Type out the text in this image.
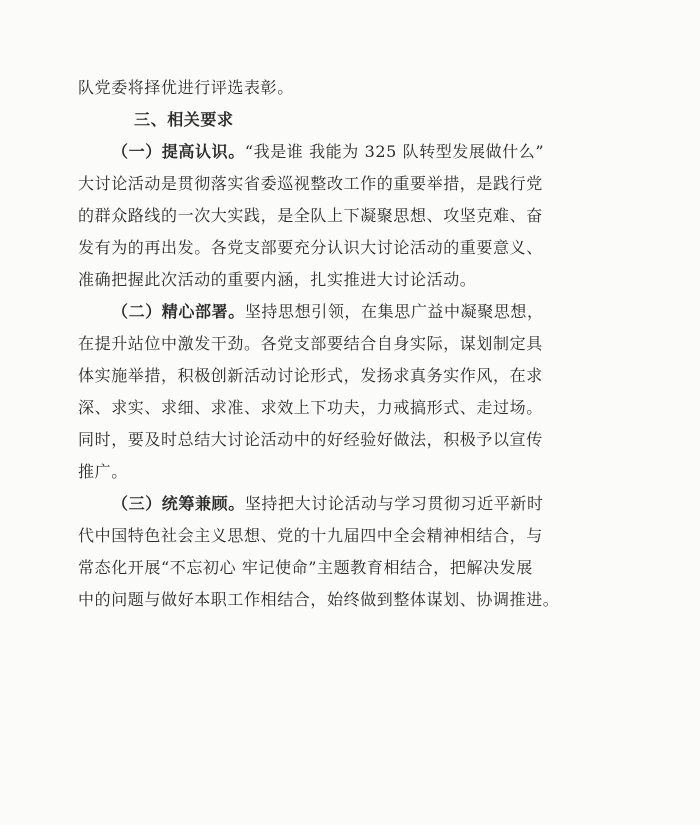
队党委将择优进行评选表彰。
三、相关要求
（一）提高认识。“我是谁 我能为 325 队转型发展做什么”
大讨论活动是贯彻落实省委巡视整改工作的重要举措，是践行党
的群众路线的一次大实践，是全队上下凝聚思想、攻坚克难、奋
发有为的再出发。各党支部要充分认识大讨论活动的重要意义、
准确把握此次活动的重要内涵，扎实推进大讨论活动。
（二）精心部署。坚持思想引领，在集思广益中凝聚思想，
在提升站位中激发干劲。各党支部要结合自身实际，谋划制定具
体实施举措，积极创新活动讨论形式，发扬求真务实作风，在求
深、求实、求细、求准、求效上下功夫，力戒搞形式、走过场。
同时，要及时总结大讨论活动中的好经验好做法，积极予以宣传
推广。
（三）统筹兼顾。坚持把大讨论活动与学习贯彻习近平新时
代中国特色社会主义思想、党的十九届四中全会精神相结合，与
常态化开展“不忘初心 牢记使命”主题教育相结合，把解决发展
中的问题与做好本职工作相结合，始终做到整体谋划、协调推进。
